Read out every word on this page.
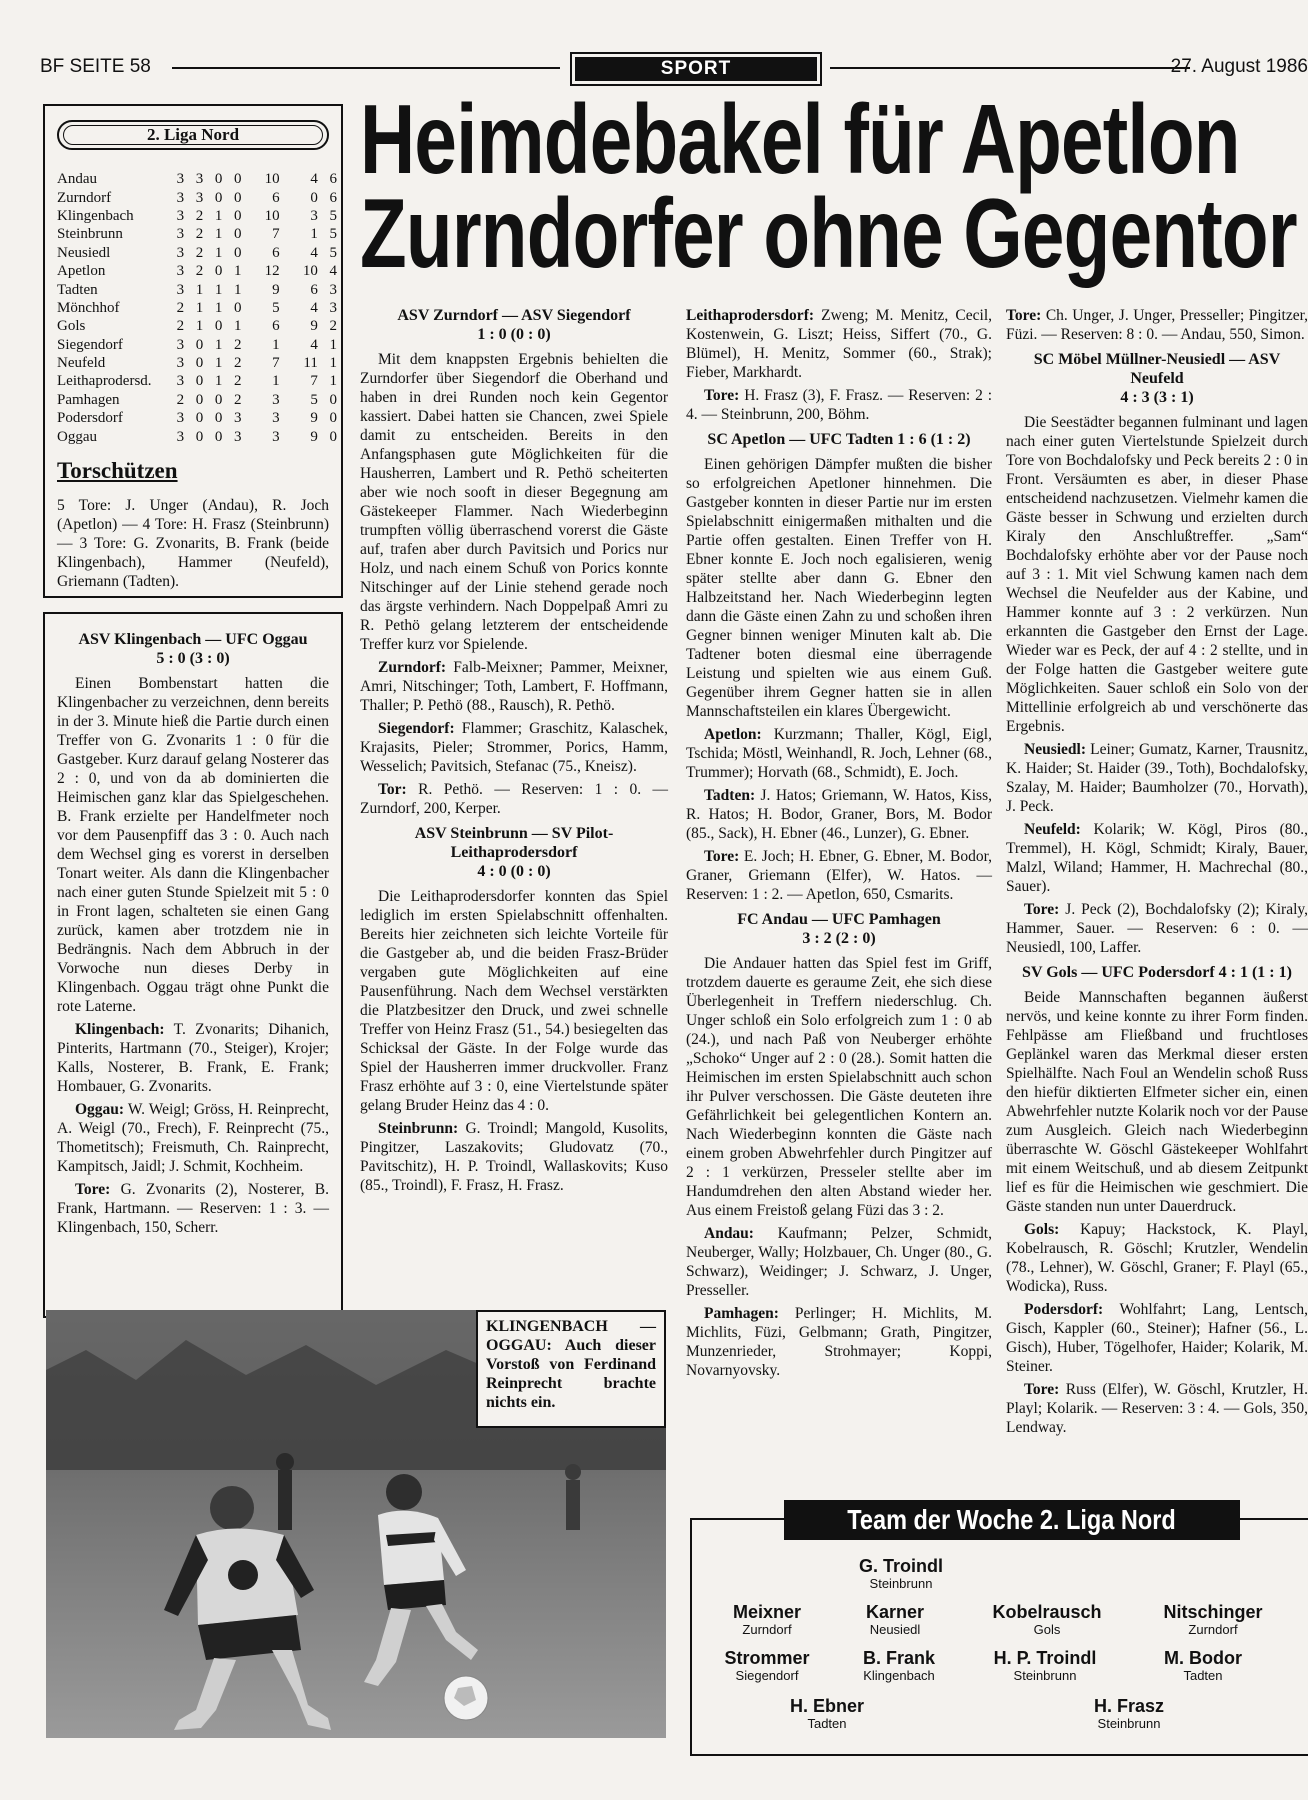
BF SEITE 58	SPORT	27. August 1986
Heimdebakel für Apetlon
Zurndorfer ohne Gegentor
2. Liga Nord
Andau	3	3	0	0	10	4	6
Zurndorf	3	3	0	0	6	0	6
Klingenbach	3	2	1	0	10	3	5
Steinbrunn	3	2	1	0	7	1	5
Neusiedl	3	2	1	0	6	4	5
Apetlon	3	2	0	1	12	10	4
Tadten	3	1	1	1	9	6	3
Mönchhof	2	1	1	0	5	4	3
Gols	2	1	0	1	6	9	2
Siegendorf	3	0	1	2	1	4	1
Neufeld	3	0	1	2	7	11	1
Leithaprodersd.	3	0	1	2	1	7	1
Pamhagen	2	0	0	2	3	5	0
Podersdorf	3	0	0	3	3	9	0
Oggau	3	0	0	3	3	9	0
Torschützen
5 Tore: J. Unger (Andau), R. Joch (Apetlon) — 4 Tore: H. Frasz (Steinbrunn) — 3 Tore: G. Zvonarits, B. Frank (beide Klingenbach), Hammer (Neufeld), Griemann (Tadten).
ASV Klingenbach — UFC Oggau
5 : 0 (3 : 0)

Einen Bombenstart hatten die Klingenbacher zu verzeichnen, denn bereits in der 3. Minute hieß die Partie durch einen Treffer von G. Zvonarits 1 : 0 für die Gastgeber. Kurz darauf gelang Nosterer das 2 : 0, und von da ab dominierten die Heimischen ganz klar das Spielgeschehen. B. Frank erzielte per Handelfmeter noch vor dem Pausenpfiff das 3 : 0. Auch nach dem Wechsel ging es vorerst in derselben Tonart weiter. Als dann die Klingenbacher nach einer guten Stunde Spielzeit mit 5 : 0 in Front lagen, schalteten sie einen Gang zurück, kamen aber trotzdem nie in Bedrängnis. Nach dem Abbruch in der Vorwoche nun dieses Derby in Klingenbach. Oggau trägt ohne Punkt die rote Laterne.

Klingenbach: T. Zvonarits; Dihanich, Pinterits, Hartmann (70., Steiger), Krojer; Kalls, Nosterer, B. Frank, E. Frank; Hombauer, G. Zvonarits.

Oggau: W. Weigl; Gröss, H. Reinprecht, A. Weigl (70., Frech), F. Reinprecht (75., Thometitsch); Freismuth, Ch. Rainprecht, Kampitsch, Jaidl; J. Schmit, Kochheim.

Tore: G. Zvonarits (2), Nosterer, B. Frank, Hartmann. — Reserven: 1 : 3. — Klingenbach, 150, Scherr.

ASV Zurndorf — ASV Siegendorf
1 : 0 (0 : 0)

Mit dem knappsten Ergebnis behielten die Zurndorfer über Siegendorf die Oberhand und haben in drei Runden noch kein Gegentor kassiert. Dabei hatten sie Chancen, zwei Spiele damit zu entscheiden. Bereits in den Anfangsphasen gute Möglichkeiten für die Hausherren, Lambert und R. Pethö scheiterten aber wie noch sooft in dieser Begegnung am Gästekeeper Flammer. Nach Wiederbeginn trumpften völlig überraschend vorerst die Gäste auf, trafen aber durch Pavitsich und Porics nur Holz, und nach einem Schuß von Porics konnte Nitschinger auf der Linie stehend gerade noch das ärgste verhindern. Nach Doppelpaß Amri zu R. Pethö gelang letzterem der entscheidende Treffer kurz vor Spielende.

Zurndorf: Falb-Meixner; Pammer, Meixner, Amri, Nitschinger; Toth, Lambert, F. Hoffmann, Thaller; P. Pethö (88., Rausch), R. Pethö.

Siegendorf: Flammer; Graschitz, Kalaschek, Krajasits, Pieler; Strommer, Porics, Hamm, Wesselich; Pavitsich, Stefanac (75., Kneisz).

Tor: R. Pethö. — Reserven: 1 : 0. — Zurndorf, 200, Kerper.

ASV Steinbrunn — SV Pilot-Leithaprodersdorf
4 : 0 (0 : 0)

Die Leithaprodersdorfer konnten das Spiel lediglich im ersten Spielabschnitt offenhalten. Bereits hier zeichneten sich leichte Vorteile für die Gastgeber ab, und die beiden Frasz-Brüder vergaben gute Möglichkeiten auf eine Pausenführung. Nach dem Wechsel verstärkten die Platzbesitzer den Druck, und zwei schnelle Treffer von Heinz Frasz (51., 54.) besiegelten das Schicksal der Gäste. In der Folge wurde das Spiel der Hausherren immer druckvoller. Franz Frasz erhöhte auf 3 : 0, eine Viertelstunde später gelang Bruder Heinz das 4 : 0.

Steinbrunn: G. Troindl; Mangold, Kusolits, Pingitzer, Laszakovits; Gludovatz (70., Pavitschitz), H. P. Troindl, Wallaskovits; Kuso (85., Troindl), F. Frasz, H. Frasz.

Leithaprodersdorf: Zweng; M. Menitz, Cecil, Kostenwein, G. Liszt; Heiss, Siffert (70., G. Blümel), H. Menitz, Sommer (60., Strak); Fieber, Markhardt.

Tore: H. Frasz (3), F. Frasz. — Reserven: 2 : 4. — Steinbrunn, 200, Böhm.

SC Apetlon — UFC Tadten 1 : 6 (1 : 2)

Einen gehörigen Dämpfer mußten die bisher so erfolgreichen Apetloner hinnehmen. Die Gastgeber konnten in dieser Partie nur im ersten Spielabschnitt einigermaßen mithalten und die Partie offen gestalten. Einen Treffer von H. Ebner konnte E. Joch noch egalisieren, wenig später stellte aber dann G. Ebner den Halbzeitstand her. Nach Wiederbeginn legten dann die Gäste einen Zahn zu und schoßen ihren Gegner binnen weniger Minuten kalt ab. Die Tadtener boten diesmal eine überragende Leistung und spielten wie aus einem Guß. Gegenüber ihrem Gegner hatten sie in allen Mannschaftsteilen ein klares Übergewicht.

Apetlon: Kurzmann; Thaller, Kögl, Eigl, Tschida; Möstl, Weinhandl, R. Joch, Lehner (68., Trummer); Horvath (68., Schmidt), E. Joch.

Tadten: J. Hatos; Griemann, W. Hatos, Kiss, R. Hatos; H. Bodor, Graner, Bors, M. Bodor (85., Sack), H. Ebner (46., Lunzer), G. Ebner.

Tore: E. Joch; H. Ebner, G. Ebner, M. Bodor, Graner, Griemann (Elfer), W. Hatos. — Reserven: 1 : 2. — Apetlon, 650, Csmarits.

FC Andau — UFC Pamhagen
3 : 2 (2 : 0)

Die Andauer hatten das Spiel fest im Griff, trotzdem dauerte es geraume Zeit, ehe sich diese Überlegenheit in Treffern niederschlug. Ch. Unger schloß ein Solo erfolgreich zum 1 : 0 ab (24.), und nach Paß von Neuberger erhöhte „Schoko“ Unger auf 2 : 0 (28.). Somit hatten die Heimischen im ersten Spielabschnitt auch schon ihr Pulver verschossen. Die Gäste deuteten ihre Gefährlichkeit bei gelegentlichen Kontern an. Nach Wiederbeginn konnten die Gäste nach einem groben Abwehrfehler durch Pingitzer auf 2 : 1 verkürzen, Presseler stellte aber im Handumdrehen den alten Abstand wieder her. Aus einem Freistoß gelang Füzi das 3 : 2.

Andau: Kaufmann; Pelzer, Schmidt, Neuberger, Wally; Holzbauer, Ch. Unger (80., G. Schwarz), Weidinger; J. Schwarz, J. Unger, Presseller.

Pamhagen: Perlinger; H. Michlits, M. Michlits, Füzi, Gelbmann; Grath, Pingitzer, Munzenrieder, Strohmayer; Koppi, Novarnyovsky.

Tore: Ch. Unger, J. Unger, Presseller; Pingitzer, Füzi. — Reserven: 8 : 0. — Andau, 550, Simon.

SC Möbel Müllner-Neusiedl — ASV Neufeld
4 : 3 (3 : 1)

Die Seestädter begannen fulminant und lagen nach einer guten Viertelstunde Spielzeit durch Tore von Bochdalofsky und Peck bereits 2 : 0 in Front. Versäumten es aber, in dieser Phase entscheidend nachzusetzen. Vielmehr kamen die Gäste besser in Schwung und erzielten durch Kiraly den Anschlußtreffer. „Sam“ Bochdalofsky erhöhte aber vor der Pause noch auf 3 : 1. Mit viel Schwung kamen nach dem Wechsel die Neufelder aus der Kabine, und Hammer konnte auf 3 : 2 verkürzen. Nun erkannten die Gastgeber den Ernst der Lage. Wieder war es Peck, der auf 4 : 2 stellte, und in der Folge hatten die Gastgeber weitere gute Möglichkeiten. Sauer schloß ein Solo von der Mittellinie erfolgreich ab und verschönerte das Ergebnis.

Neusiedl: Leiner; Gumatz, Karner, Trausnitz, K. Haider; St. Haider (39., Toth), Bochdalofsky, Szalay, M. Haider; Baumholzer (70., Horvath), J. Peck.

Neufeld: Kolarik; W. Kögl, Piros (80., Tremmel), H. Kögl, Schmidt; Kiraly, Bauer, Malzl, Wiland; Hammer, H. Machrechal (80., Sauer).

Tore: J. Peck (2), Bochdalofsky (2); Kiraly, Hammer, Sauer. — Reserven: 6 : 0. — Neusiedl, 100, Laffer.

SV Gols — UFC Podersdorf 4 : 1 (1 : 1)

Beide Mannschaften begannen äußerst nervös, und keine konnte zu ihrer Form finden. Fehlpässe am Fließband und fruchtloses Geplänkel waren das Merkmal dieser ersten Spielhälfte. Nach Foul an Wendelin schoß Russ den hiefür diktierten Elfmeter sicher ein, einen Abwehrfehler nutzte Kolarik noch vor der Pause zum Ausgleich. Gleich nach Wiederbeginn überraschte W. Göschl Gästekeeper Wohlfahrt mit einem Weitschuß, und ab diesem Zeitpunkt lief es für die Heimischen wie geschmiert. Die Gäste standen nun unter Dauerdruck.

Gols: Kapuy; Hackstock, K. Playl, Kobelrausch, R. Göschl; Krutzler, Wendelin (78., Lehner), W. Göschl, Graner; F. Playl (65., Wodicka), Russ.

Podersdorf: Wohlfahrt; Lang, Lentsch, Gisch, Kappler (60., Steiner); Hafner (56., L. Gisch), Huber, Tögelhofer, Haider; Kolarik, M. Steiner.

Tore: Russ (Elfer), W. Göschl, Krutzler, H. Playl; Kolarik. — Reserven: 3 : 4. — Gols, 350, Lendway.

KLINGENBACH — OGGAU: Auch dieser Vorstoß von Ferdinand Reinprecht brachte nichts ein.
Team der Woche 2. Liga Nord
G. Troindl
Steinbrunn
Meixner
Zurndorf
Karner
Neusiedl
Kobelrausch
Gols
Nitschinger
Zurndorf
Strommer
Siegendorf
B. Frank
Klingenbach
H. P. Troindl
Steinbrunn
M. Bodor
Tadten
H. Ebner
Tadten
H. Frasz
Steinbrunn
